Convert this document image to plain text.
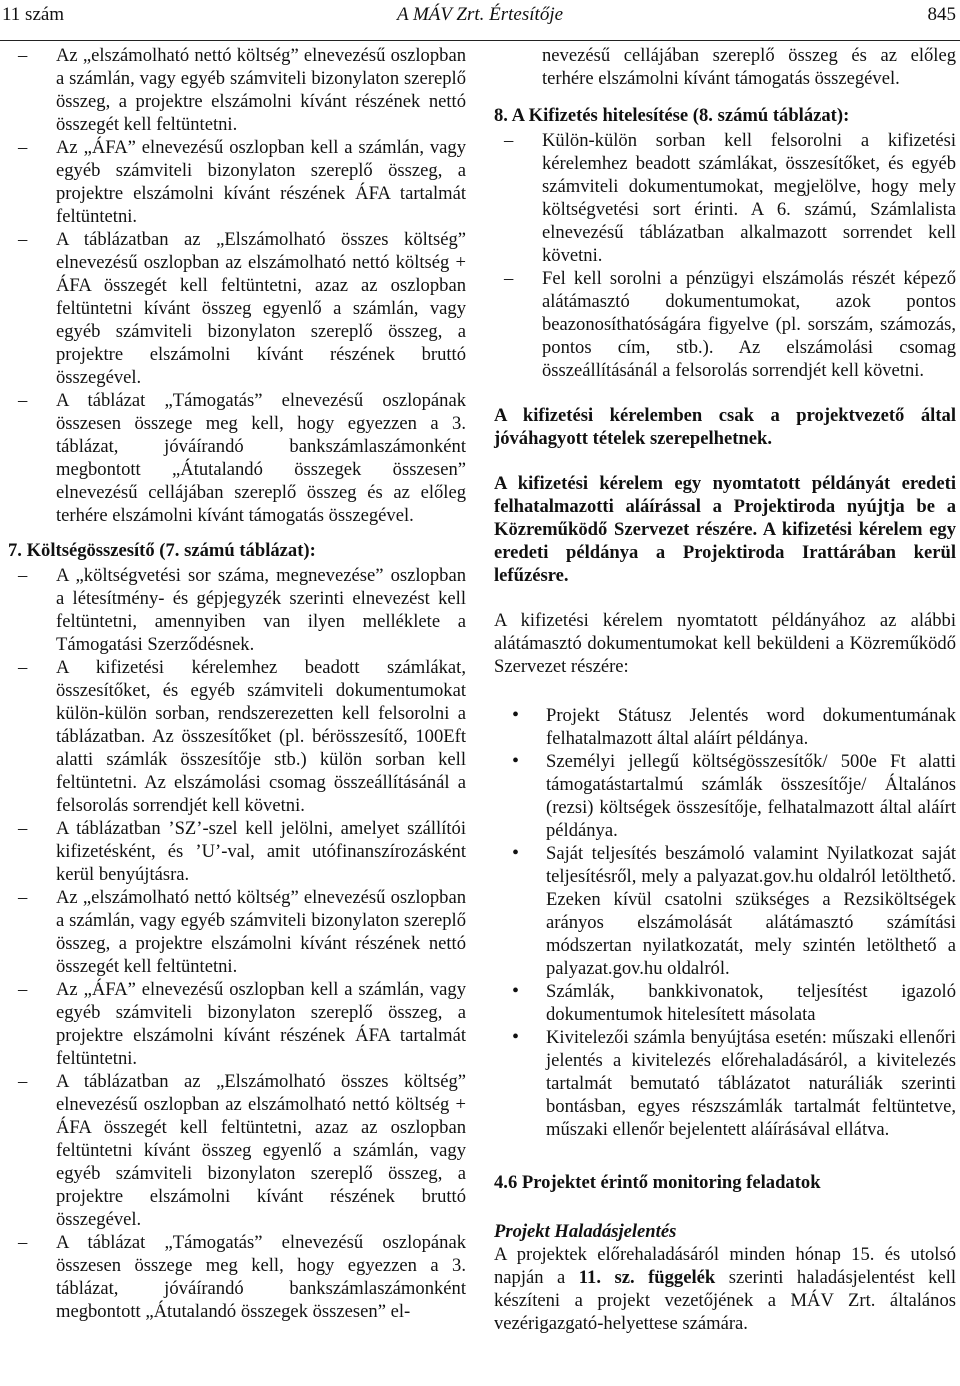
11 szám	A MÁV Zrt. Értesítője	845

– Az „elszámolható nettó költség” elnevezésű oszlopban a számlán, vagy egyéb számviteli bizonylaton szereplő összeg, a projektre elszámolni kívánt részének nettó összegét kell feltüntetni.

– Az „ÁFA” elnevezésű oszlopban kell a számlán, vagy egyéb számviteli bizonylaton szereplő összeg, a projektre elszámolni kívánt részének ÁFA tartalmát feltüntetni.

– A táblázatban az „Elszámolható összes költség” elnevezésű oszlopban az elszámolható nettó költség + ÁFA összegét kell feltüntetni, azaz az oszlopban feltüntetni kívánt összeg egyenlő a számlán, vagy egyéb számviteli bizonylaton szereplő összeg, a projektre elszámolni kívánt részének bruttó összegével.

– A táblázat „Támogatás” elnevezésű oszlopának összesen összege meg kell, hogy egyezzen a 3. táblázat, jóváírandó bankszámlaszámonként megbontott „Átutalandó összegek összesen” elnevezésű cellájában szereplő összeg és az előleg terhére elszámolni kívánt támogatás összegével.

7. Költségösszesítő (7. számú táblázat):

– A „költségvetési sor száma, megnevezése” oszlopban a létesítmény- és gépjegyzék szerinti elnevezést kell feltüntetni, amennyiben van ilyen melléklete a Támogatási Szerződésnek.

– A kifizetési kérelemhez beadott számlákat, összesítőket, és egyéb számviteli dokumentumokat külön-külön sorban, rendszerezetten kell felsorolni a táblázatban. Az összesítőket (pl. bérösszesítő, 100Eft alatti számlák összesítője stb.) külön sorban kell feltüntetni. Az elszámolási csomag összeállításánál a felsorolás sorrendjét kell követni.

– A táblázatban ’SZ’-szel kell jelölni, amelyet szállítói kifizetésként, és ’U’-val, amit utófinanszírozásként kerül benyújtásra.

– Az „elszámolható nettó költség” elnevezésű oszlopban a számlán, vagy egyéb számviteli bizonylaton szereplő összeg, a projektre elszámolni kívánt részének nettó összegét kell feltüntetni.

– Az „ÁFA” elnevezésű oszlopban kell a számlán, vagy egyéb számviteli bizonylaton szereplő összeg, a projektre elszámolni kívánt részének ÁFA tartalmát feltüntetni.

– A táblázatban az „Elszámolható összes költség” elnevezésű oszlopban az elszámolható nettó költség + ÁFA összegét kell feltüntetni, azaz az oszlopban feltüntetni kívánt összeg egyenlő a számlán, vagy egyéb számviteli bizonylaton szereplő összeg, a projektre elszámolni kívánt részének bruttó összegével.

– A táblázat „Támogatás” elnevezésű oszlopának összesen összege meg kell, hogy egyezzen a 3. táblázat, jóváírandó bankszámlaszámonként megbontott „Átutalandó összegek összesen” el-

nevezésű cellájában szereplő összeg és az előleg terhére elszámolni kívánt támogatás összegével.

8. A Kifizetés hitelesítése (8. számú táblázat):

– Külön-külön sorban kell felsorolni a kifizetési kérelemhez beadott számlákat, összesítőket, és egyéb számviteli dokumentumokat, megjelölve, hogy mely költségvetési sort érinti. A 6. számú, Számlalista elnevezésű táblázatban alkalmazott sorrendet kell követni.

– Fel kell sorolni a pénzügyi elszámolás részét képező alátámasztó dokumentumokat, azok pontos beazonosíthatóságára figyelve (pl. sorszám, számozás, pontos cím, stb.). Az elszámolási csomag összeállításánál a felsorolás sorrendjét kell követni.

A kifizetési kérelemben csak a projektvezető által jóváhagyott tételek szerepelhetnek.

A kifizetési kérelem egy nyomtatott példányát eredeti felhatalmazotti aláírással a Projektiroda nyújtja be a Közreműködő Szervezet részére. A kifizetési kérelem egy eredeti példánya a Projektiroda Irattárában kerül lefűzésre.

A kifizetési kérelem nyomtatott példányához az alábbi alátámasztó dokumentumokat kell beküldeni a Közreműködő Szervezet részére:

• Projekt Státusz Jelentés word dokumentumának felhatalmazott által aláírt példánya.

• Személyi jellegű költségösszesítők/ 500e Ft alatti támogatástartalmú számlák összesítője/ Általános (rezsi) költségek összesítője, felhatalmazott által aláírt példánya.

• Saját teljesítés beszámoló valamint Nyilatkozat saját teljesítésről, mely a palyazat.gov.hu oldalról letölthető. Ezeken kívül csatolni szükséges a Rezsiköltségek arányos elszámolását alátámasztó számítási módszertan nyilatkozatát, mely szintén letölthető a palyazat.gov.hu oldalról.

• Számlák, bankkivonatok, teljesítést igazoló dokumentumok hitelesített másolata

• Kivitelezői számla benyújtása esetén: műszaki ellenőri jelentés a kivitelezés előrehaladásáról, a kivitelezés tartalmát bemutató táblázatot naturáliák szerinti bontásban, egyes részszámlák tartalmát feltüntetve, műszaki ellenőr bejelentett aláírásával ellátva.

4.6 Projektet érintő monitoring feladatok
Projekt Haladásjelentés

A projektek előrehaladásáról minden hónap 15. és utolsó napján a 11. sz. függelék szerinti haladásjelentést kell készíteni a projekt vezetőjének a MÁV Zrt. általános vezérigazgató-helyettese számára.
